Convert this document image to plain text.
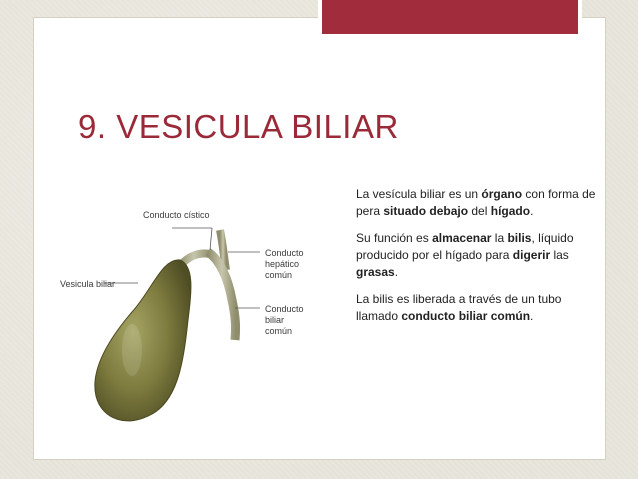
9. VESICULA BILIAR
Conducto cístico
Vesicula biliar
Conducto
hepático
común
Conducto
biliar
común

La vesícula biliar es un órgano con forma de pera situado debajo del hígado.

Su función es almacenar la bilis, líquido producido por el hígado para digerir las grasas.

La bilis es liberada a través de un tubo llamado conducto biliar común.
